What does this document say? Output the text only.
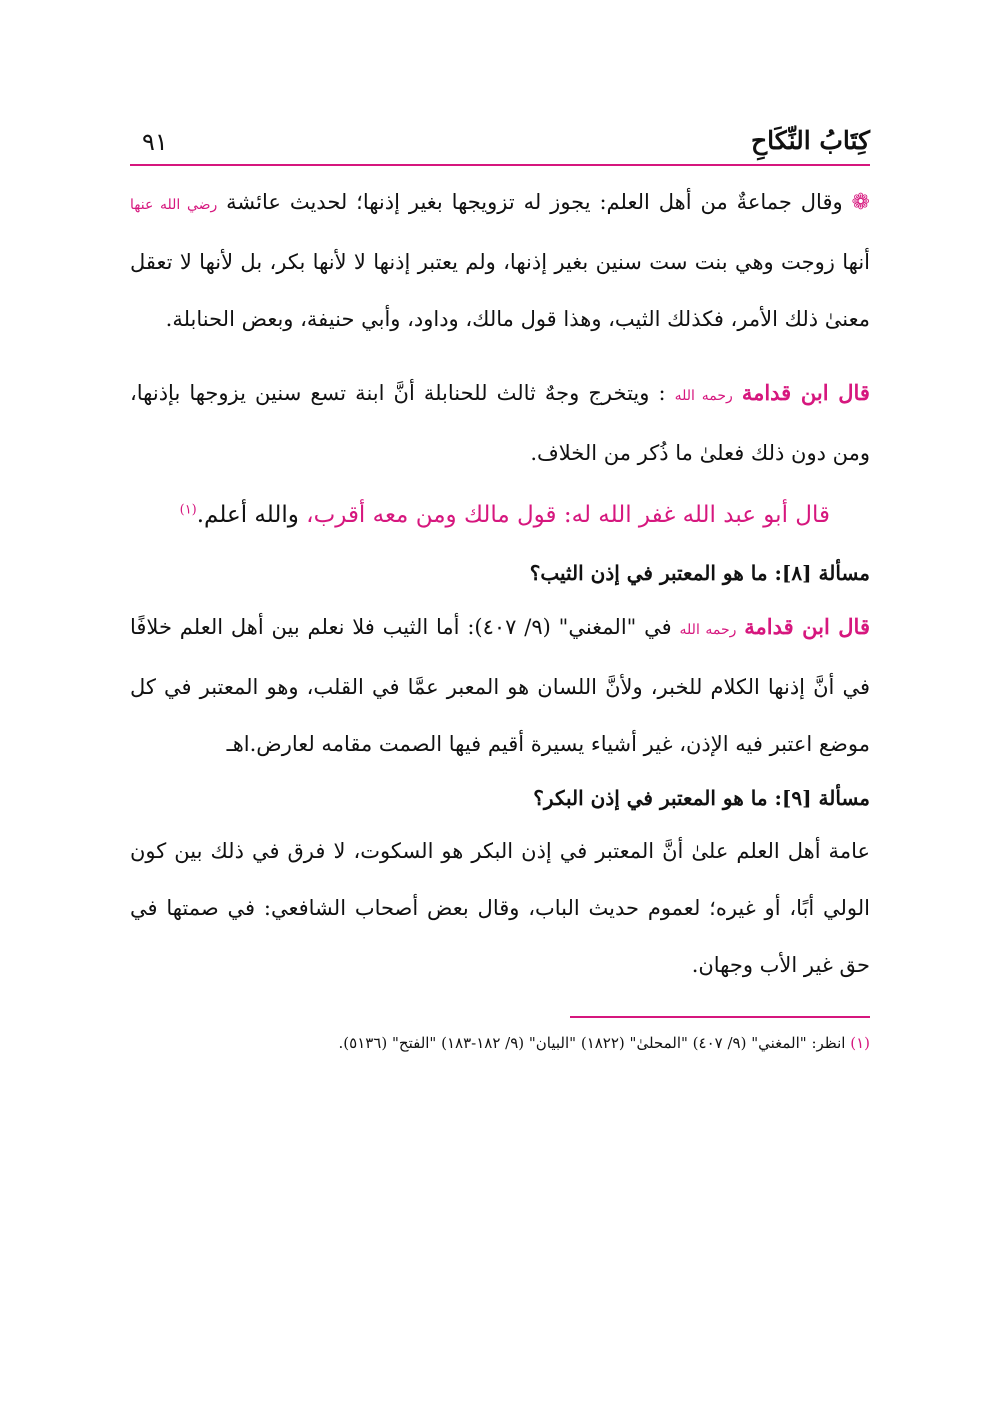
كِتَابُ النِّكَاحِ
٩١

❁ وقال جماعةٌ من أهل العلم: يجوز له تزويجها بغير إذنها؛ لحديث عائشة رضي الله عنها أنها زوجت وهي بنت ست سنين بغير إذنها، ولم يعتبر إذنها لا لأنها بكر، بل لأنها لا تعقل معنىٰ ذلك الأمر، فكذلك الثيب، وهذا قول مالك، وداود، وأبي حنيفة، وبعض الحنابلة.

قال ابن قدامة رحمه الله : ويتخرج وجهٌ ثالث للحنابلة أنَّ ابنة تسع سنين يزوجها بإذنها، ومن دون ذلك فعلىٰ ما ذُكر من الخلاف.

قال أبو عبد الله غفر الله له: قول مالك ومن معه أقرب، والله أعلم.$^{(١)}$

مسألة [٨]: ما هو المعتبر في إذن الثيب؟

قال ابن قدامة رحمه الله في "المغني" (٩/ ٤٠٧): أما الثيب فلا نعلم بين أهل العلم خلافًا في أنَّ إذنها الكلام للخبر، ولأنَّ اللسان هو المعبر عمَّا في القلب، وهو المعتبر في كل موضع اعتبر فيه الإذن، غير أشياء يسيرة أقيم فيها الصمت مقامه لعارض.اهـ

مسألة [٩]: ما هو المعتبر في إذن البكر؟

عامة أهل العلم علىٰ أنَّ المعتبر في إذن البكر هو السكوت، لا فرق في ذلك بين كون الولي أبًا، أو غيره؛ لعموم حديث الباب، وقال بعض أصحاب الشافعي: في صمتها في حق غير الأب وجهان.

(١) انظر: "المغني" (٩/ ٤٠٧) "المحلىٰ" (١٨٢٢) "البيان" (٩/ ١٨٢-١٨٣) "الفتح" (٥١٣٦).
